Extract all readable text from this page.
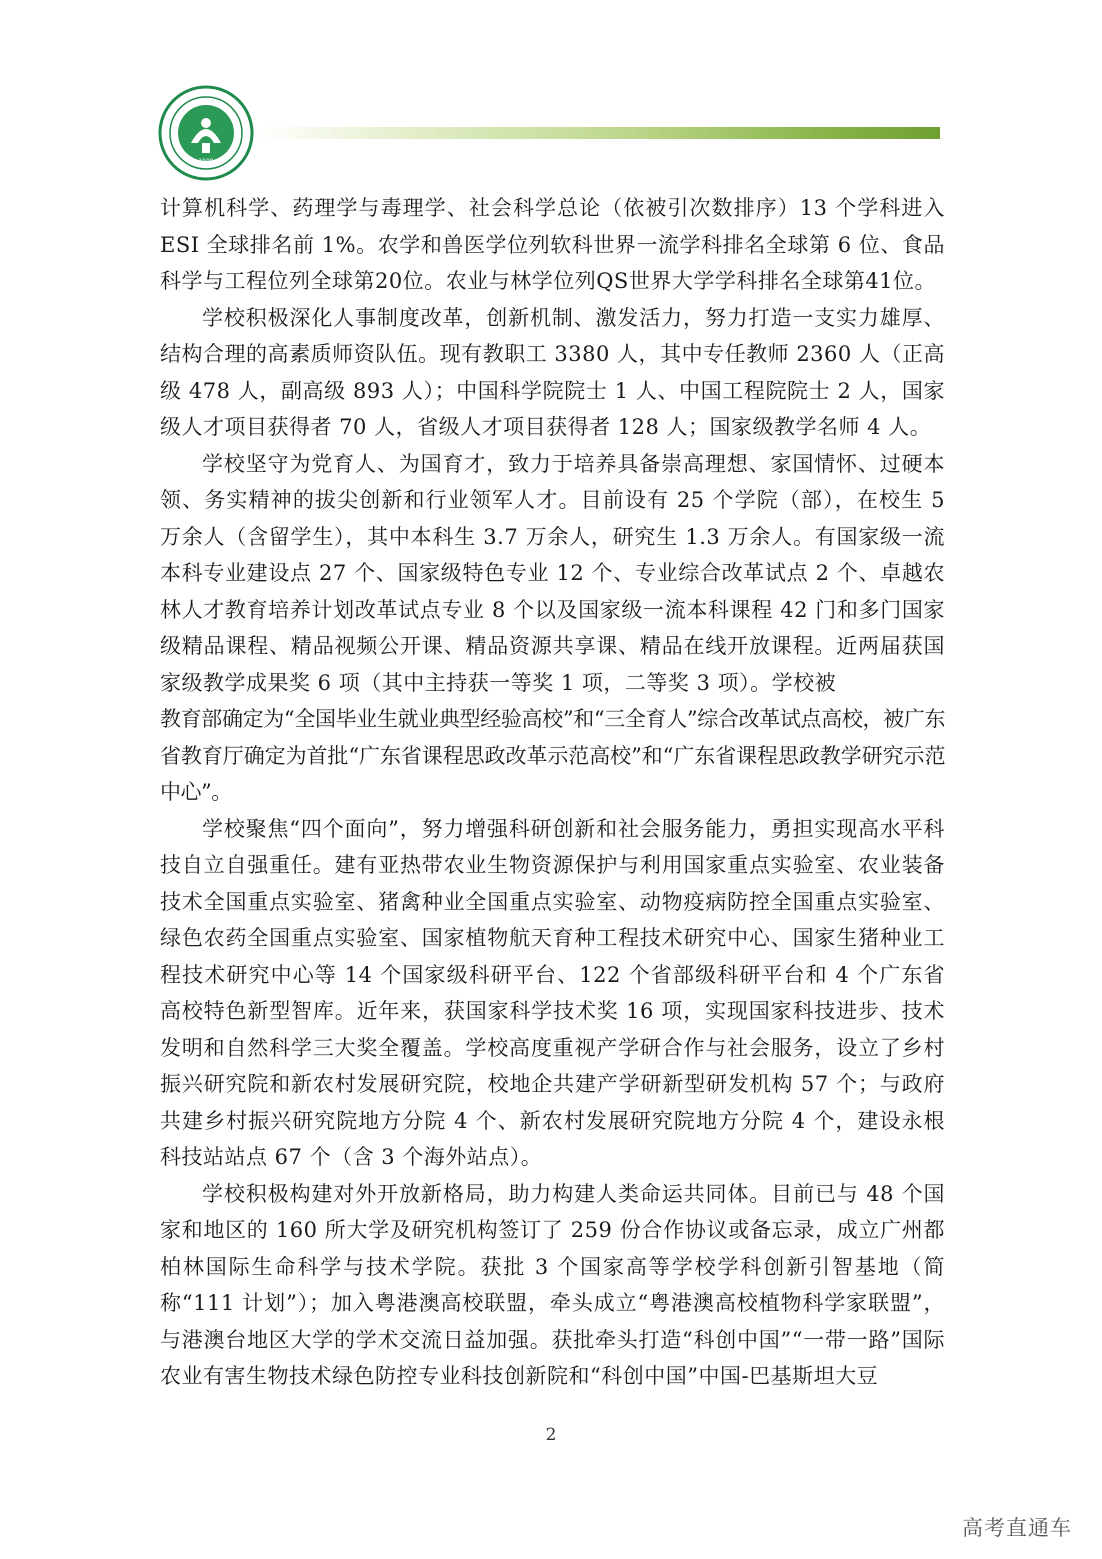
1909

计算机科学、药理学与毒理学、社会科学总论（依被引次数排序）13 个学科进入 ESI 全球排名前 1%。农学和兽医学位列软科世界一流学科排名全球第 6 位、食品科学与工程位列全球第20位。农业与林学位列QS世界大学学科排名全球第41位。

学校积极深化人事制度改革，创新机制、激发活力，努力打造一支实力雄厚、结构合理的高素质师资队伍。现有教职工 3380 人，其中专任教师 2360 人（正高级 478 人，副高级 893 人）；中国科学院院士 1 人、中国工程院院士 2 人，国家级人才项目获得者 70 人，省级人才项目获得者 128 人；国家级教学名师 4 人。

学校坚守为党育人、为国育才，致力于培养具备崇高理想、家国情怀、过硬本领、务实精神的拔尖创新和行业领军人才。目前设有 25 个学院（部），在校生 5 万余人（含留学生），其中本科生 3.7 万余人，研究生 1.3 万余人。有国家级一流本科专业建设点 27 个、国家级特色专业 12 个、专业综合改革试点 2 个、卓越农林人才教育培养计划改革试点专业 8 个以及国家级一流本科课程 42 门和多门国家级精品课程、精品视频公开课、精品资源共享课、精品在线开放课程。近两届获国家级教学成果奖 6 项（其中主持获一等奖 1 项，二等奖 3 项）。学校被

教育部确定为“全国毕业生就业典型经验高校”和“三全育人”综合改革试点高校，被广东省教育厅确定为首批“广东省课程思政改革示范高校”和“广东省课程思政教学研究示范中心”。

学校聚焦“四个面向”，努力增强科研创新和社会服务能力，勇担实现高水平科技自立自强重任。建有亚热带农业生物资源保护与利用国家重点实验室、农业装备技术全国重点实验室、猪禽种业全国重点实验室、动物疫病防控全国重点实验室、绿色农药全国重点实验室、国家植物航天育种工程技术研究中心、国家生猪种业工程技术研究中心等 14 个国家级科研平台、122 个省部级科研平台和 4 个广东省高校特色新型智库。近年来，获国家科学技术奖 16 项，实现国家科技进步、技术发明和自然科学三大奖全覆盖。学校高度重视产学研合作与社会服务，设立了乡村振兴研究院和新农村发展研究院，校地企共建产学研新型研发机构 57 个；与政府共建乡村振兴研究院地方分院 4 个、新农村发展研究院地方分院 4 个，建设永根科技站站点 67 个（含 3 个海外站点）。

学校积极构建对外开放新格局，助力构建人类命运共同体。目前已与 48 个国家和地区的 160 所大学及研究机构签订了 259 份合作协议或备忘录，成立广州都柏林国际生命科学与技术学院。获批 3 个国家高等学校学科创新引智基地（简称“111 计划”）；加入粤港澳高校联盟，牵头成立“粤港澳高校植物科学家联盟”，与港澳台地区大学的学术交流日益加强。获批牵头打造“科创中国”“一带一路”国际农业有害生物技术绿色防控专业科技创新院和“科创中国”中国-巴基斯坦大豆

2
高考直通车
